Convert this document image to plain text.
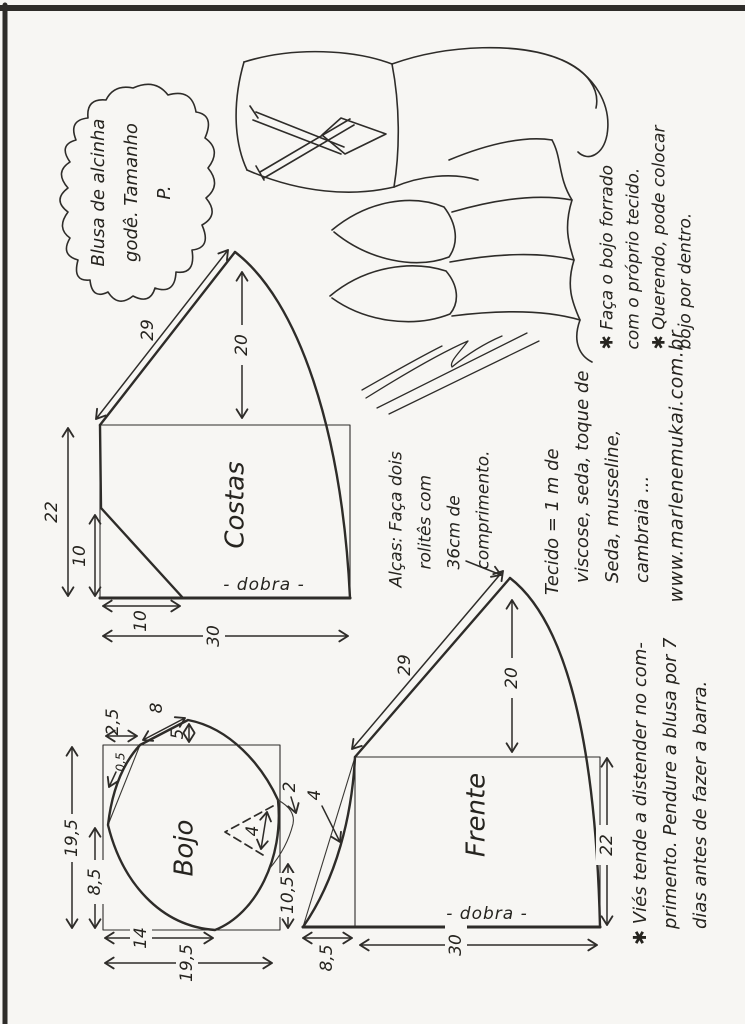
29
20
22
10
10
30
Costas
- dobra -
29
20
22
30
8,5
4	Frente
- dobra -
2,5
8
5
0,5
19,5
8,5
14
19,5
10,5
4
2
Bojo
Blusa de alcinha godê. Tamanho P.	✱ Faça o bojo forrado com o próprio tecido. ✱ Querendo, pode colocar bojo por dentro.
Alças: Faça dois rolitês com 36cm de comprimento.	Tecido = 1 m de viscose, seda, toque de Seda, musseline, cambraia ... www.marlenemukai.com.br
✱ Viés tende a distender no com- primento. Pendure a blusa por 7 dias antes de fazer a barra.
